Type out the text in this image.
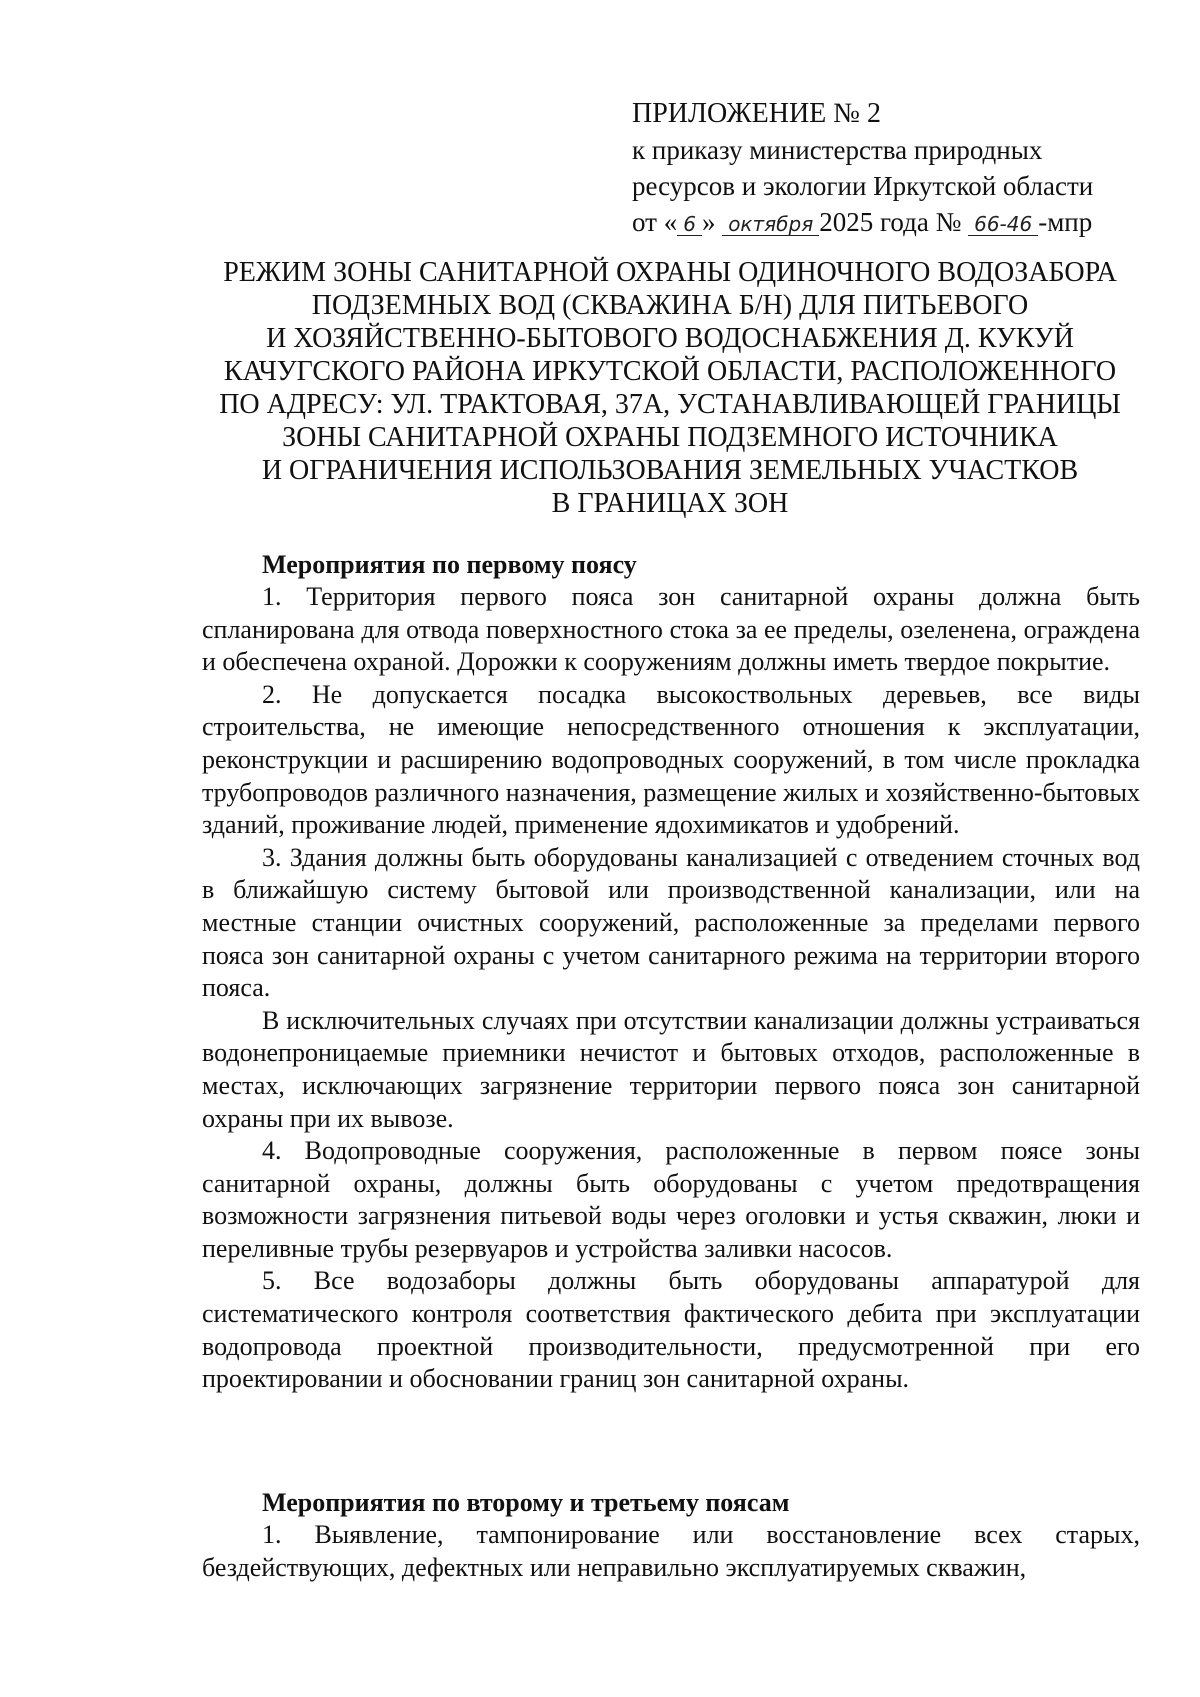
ПРИЛОЖЕНИЕ № 2
к приказу министерства природных
ресурсов и экологии Иркутской области
от « 6 » октября 2025 года № 66-46 -мпр
РЕЖИМ ЗОНЫ САНИТАРНОЙ ОХРАНЫ ОДИНОЧНОГО ВОДОЗАБОРА
ПОДЗЕМНЫХ ВОД (СКВАЖИНА Б/Н) ДЛЯ ПИТЬЕВОГО
И ХОЗЯЙСТВЕННО-БЫТОВОГО ВОДОСНАБЖЕНИЯ Д. КУКУЙ
КАЧУГСКОГО РАЙОНА ИРКУТСКОЙ ОБЛАСТИ, РАСПОЛОЖЕННОГО
ПО АДРЕСУ: УЛ. ТРАКТОВАЯ, 37А, УСТАНАВЛИВАЮЩЕЙ ГРАНИЦЫ
ЗОНЫ САНИТАРНОЙ ОХРАНЫ ПОДЗЕМНОГО ИСТОЧНИКА
И ОГРАНИЧЕНИЯ ИСПОЛЬЗОВАНИЯ ЗЕМЕЛЬНЫХ УЧАСТКОВ
В ГРАНИЦАХ ЗОН
Мероприятия по первому поясу

1. Территория первого пояса зон санитарной охраны должна быть спланирована для отвода поверхностного стока за ее пределы, озеленена, ограждена и обеспечена охраной. Дорожки к сооружениям должны иметь твердое покрытие.

2. Не допускается посадка высокоствольных деревьев, все виды строительства, не имеющие непосредственного отношения к эксплуатации, реконструкции и расширению водопроводных сооружений, в том числе прокладка трубопроводов различного назначения, размещение жилых и хозяйственно-бытовых зданий, проживание людей, применение ядохимикатов и удобрений.

3. Здания должны быть оборудованы канализацией с отведением сточных вод в ближайшую систему бытовой или производственной канализации, или на местные станции очистных сооружений, расположенные за пределами первого пояса зон санитарной охраны с учетом санитарного режима на территории второго пояса.

В исключительных случаях при отсутствии канализации должны устраиваться водонепроницаемые приемники нечистот и бытовых отходов, расположенные в местах, исключающих загрязнение территории первого пояса зон санитарной охраны при их вывозе.

4. Водопроводные сооружения, расположенные в первом поясе зоны санитарной охраны, должны быть оборудованы с учетом предотвращения возможности загрязнения питьевой воды через оголовки и устья скважин, люки и переливные трубы резервуаров и устройства заливки насосов.

5. Все водозаборы должны быть оборудованы аппаратурой для систематического контроля соответствия фактического дебита при эксплуатации водопровода проектной производительности, предусмотренной при его проектировании и обосновании границ зон санитарной охраны.

Мероприятия по второму и третьему поясам

1. Выявление, тампонирование или восстановление всех старых, бездействующих, дефектных или неправильно эксплуатируемых скважин,
